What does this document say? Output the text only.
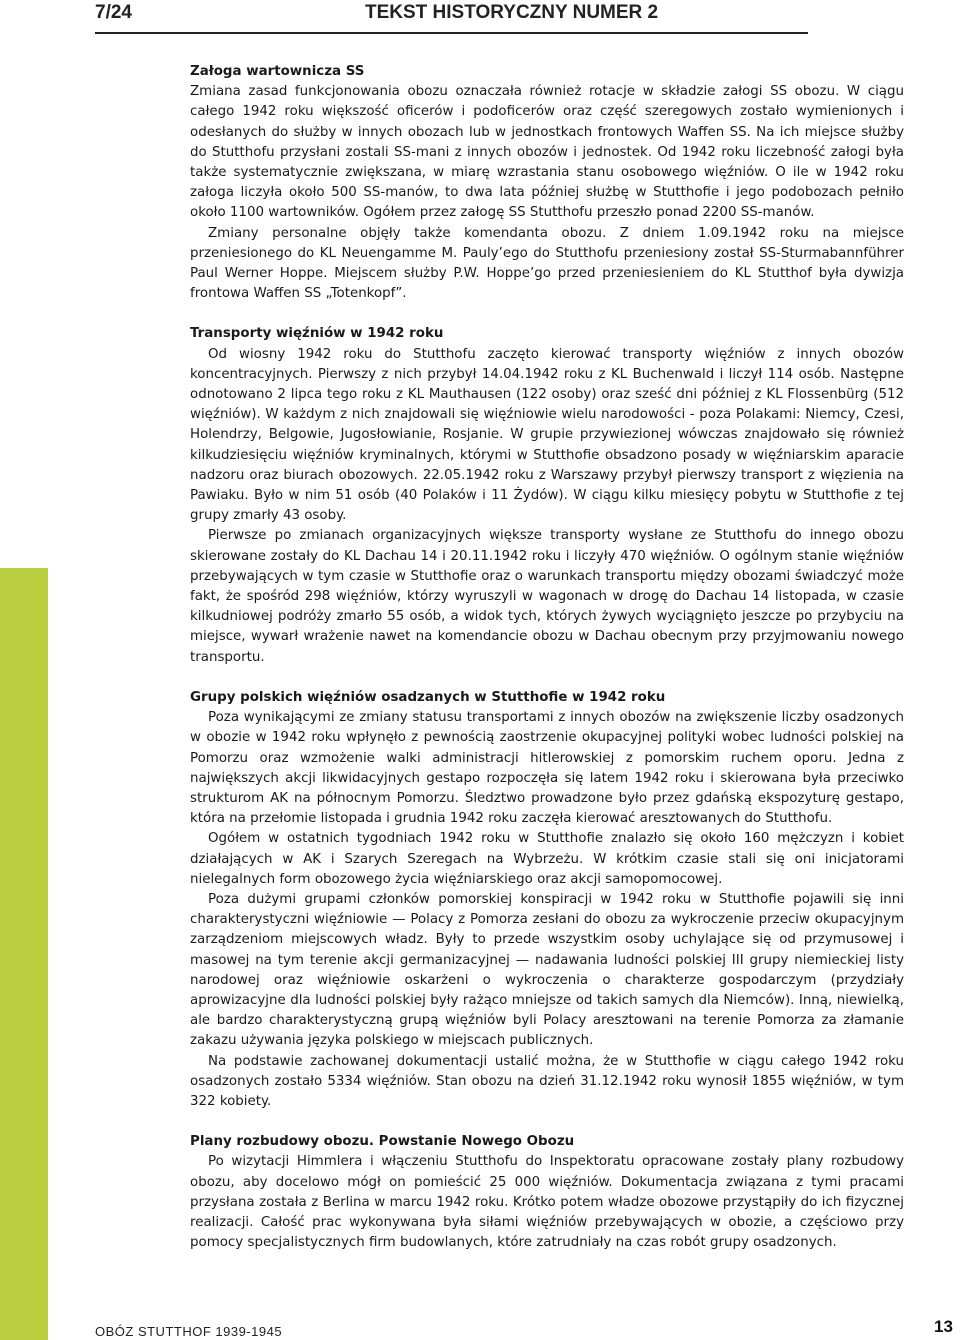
7/24	TEKST HISTORYCZNY NUMER 2

Załoga wartownicza SS

Zmiana zasad funkcjonowania obozu oznaczała również rotacje w składzie załogi SS obozu. W ciągu całego 1942 roku większość oficerów i podoficerów oraz część szeregowych zostało wymienionych i odesłanych do służby w innych obozach lub w jednostkach frontowych Waffen SS. Na ich miejsce służby do Stutthofu przysłani zostali SS-mani z innych obozów i jednostek. Od 1942 roku liczebność załogi była także systematycznie zwiększana, w miarę wzrastania stanu osobowego więźniów. O ile w 1942 roku załoga liczyła około 500 SS-manów, to dwa lata później służbę w Stutthofie i jego podobozach pełniło około 1100 wartowników. Ogółem przez załogę SS Stutthofu przeszło ponad 2200 SS-manów.

Zmiany personalne objęły także komendanta obozu. Z dniem 1.09.1942 roku na miejsce przeniesionego do KL Neuengamme M. Pauly’ego do Stutthofu przeniesiony został SS-Sturmabannführer Paul Werner Hoppe. Miejscem służby P.W. Hoppe’go przed przeniesieniem do KL Stutthof była dywizja frontowa Waffen SS „Totenkopf”.

Transporty więźniów w 1942 roku

Od wiosny 1942 roku do Stutthofu zaczęto kierować transporty więźniów z innych obozów koncentracyjnych. Pierwszy z nich przybył 14.04.1942 roku z KL Buchenwald i liczył 114 osób. Następne odnotowano 2 lipca tego roku z KL Mauthausen (122 osoby) oraz sześć dni później z KL Flossenbürg (512 więźniów). W każdym z nich znajdowali się więźniowie wielu narodowości - poza Polakami: Niemcy, Czesi, Holendrzy, Belgowie, Jugosłowianie, Rosjanie. W grupie przywiezionej wówczas znajdowało się również kilkudziesięciu więźniów kryminalnych, którymi w Stutthofie obsadzono posady w więźniarskim aparacie nadzoru oraz biurach obozowych. 22.05.1942 roku z Warszawy przybył pierwszy transport z więzienia na Pawiaku. Było w nim 51 osób (40 Polaków i 11 Żydów). W ciągu kilku miesięcy pobytu w Stutthofie z tej grupy zmarły 43 osoby.

Pierwsze po zmianach organizacyjnych większe transporty wysłane ze Stutthofu do innego obozu skierowane zostały do KL Dachau 14 i 20.11.1942 roku i liczyły 470 więźniów. O ogólnym stanie więźniów przebywających w tym czasie w Stutthofie oraz o warunkach transportu między obozami świadczyć może fakt, że spośród 298 więźniów, którzy wyruszyli w wagonach w drogę do Dachau 14 listopada, w czasie kilkudniowej podróży zmarło 55 osób, a widok tych, których żywych wyciągnięto jeszcze po przybyciu na miejsce, wywarł wrażenie nawet na komendancie obozu w Dachau obecnym przy przyjmowaniu nowego transportu.

Grupy polskich więźniów osadzanych w Stutthofie w 1942 roku

Poza wynikającymi ze zmiany statusu transportami z innych obozów na zwiększenie liczby osadzonych w obozie w 1942 roku wpłynęło z pewnością zaostrzenie okupacyjnej polityki wobec ludności polskiej na Pomorzu oraz wzmożenie walki administracji hitlerowskiej z pomorskim ruchem oporu. Jedna z największych akcji likwidacyjnych gestapo rozpoczęła się latem 1942 roku i skierowana była przeciwko strukturom AK na północnym Pomorzu. Śledztwo prowadzone było przez gdańską ekspozyturę gestapo, która na przełomie listopada i grudnia 1942 roku zaczęła kierować aresztowanych do Stutthofu.

Ogółem w ostatnich tygodniach 1942 roku w Stutthofie znalazło się około 160 mężczyzn i kobiet działających w AK i Szarych Szeregach na Wybrzeżu. W krótkim czasie stali się oni inicjatorami nielegalnych form obozowego życia więźniarskiego oraz akcji samopomocowej.

Poza dużymi grupami członków pomorskiej konspiracji w 1942 roku w Stutthofie pojawili się inni charakterystyczni więźniowie — Polacy z Pomorza zesłani do obozu za wykroczenie przeciw okupacyjnym zarządzeniom miejscowych władz. Były to przede wszystkim osoby uchylające się od przymusowej i masowej na tym terenie akcji germanizacyjnej — nadawania ludności polskiej III grupy niemieckiej listy narodowej oraz więźniowie oskarżeni o wykroczenia o charakterze gospodarczym (przydziały aprowizacyjne dla ludności polskiej były rażąco mniejsze od takich samych dla Niemców). Inną, niewielką, ale bardzo charakterystyczną grupą więźniów byli Polacy aresztowani na terenie Pomorza za złamanie zakazu używania języka polskiego w miejscach publicznych.

Na podstawie zachowanej dokumentacji ustalić można, że w Stutthofie w ciągu całego 1942 roku osadzonych zostało 5334 więźniów. Stan obozu na dzień 31.12.1942 roku wynosił 1855 więźniów, w tym 322 kobiety.

Plany rozbudowy obozu. Powstanie Nowego Obozu

Po wizytacji Himmlera i włączeniu Stutthofu do Inspektoratu opracowane zostały plany rozbudowy obozu, aby docelowo mógł on pomieścić 25 000 więźniów. Dokumentacja związana z tymi pracami przysłana została z Berlina w marcu 1942 roku. Krótko potem władze obozowe przystąpiły do ich fizycznej realizacji. Całość prac wykonywana była siłami więźniów przebywających w obozie, a częściowo przy pomocy specjalistycznych firm budowlanych, które zatrudniały na czas robót grupy osadzonych.

OBÓZ STUTTHOF 1939-1945	13
